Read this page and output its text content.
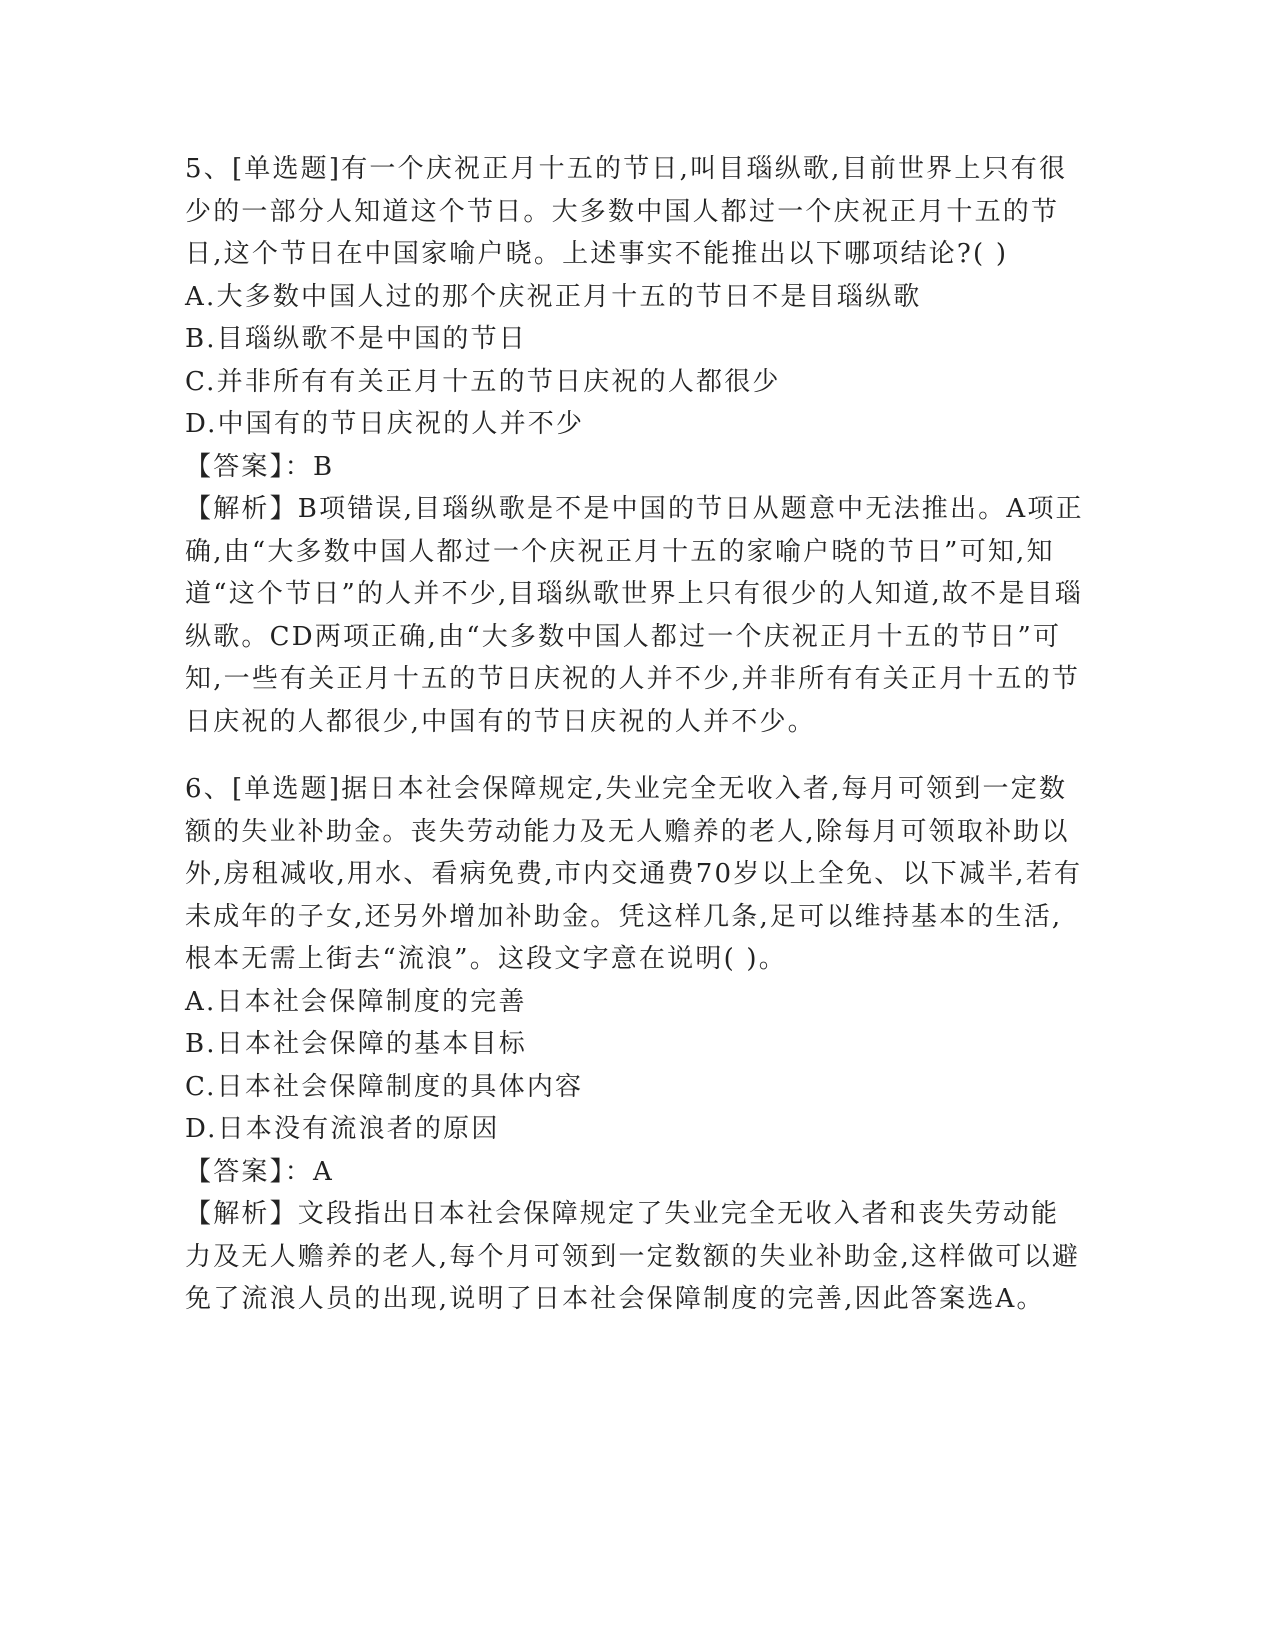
5、[单选题]有一个庆祝正月十五的节日,叫目瑙纵歌,目前世界上只有很少的一部分人知道这个节日。大多数中国人都过一个庆祝正月十五的节日,这个节日在中国家喻户晓。上述事实不能推出以下哪项结论?( )

A.大多数中国人过的那个庆祝正月十五的节日不是目瑙纵歌

B.目瑙纵歌不是中国的节日

C.并非所有有关正月十五的节日庆祝的人都很少

D.中国有的节日庆祝的人并不少

【答案】：B

【解析】B项错误,目瑙纵歌是不是中国的节日从题意中无法推出。A项正确,由“大多数中国人都过一个庆祝正月十五的家喻户晓的节日”可知,知道“这个节日”的人并不少,目瑙纵歌世界上只有很少的人知道,故不是目瑙纵歌。CD两项正确,由“大多数中国人都过一个庆祝正月十五的节日”可知,一些有关正月十五的节日庆祝的人并不少,并非所有有关正月十五的节日庆祝的人都很少,中国有的节日庆祝的人并不少。

6、[单选题]据日本社会保障规定,失业完全无收入者,每月可领到一定数额的失业补助金。丧失劳动能力及无人赡养的老人,除每月可领取补助以外,房租减收,用水、看病免费,市内交通费70岁以上全免、以下减半,若有未成年的子女,还另外增加补助金。凭这样几条,足可以维持基本的生活,根本无需上街去“流浪”。这段文字意在说明( )。

A.日本社会保障制度的完善

B.日本社会保障的基本目标

C.日本社会保障制度的具体内容

D.日本没有流浪者的原因

【答案】：A

【解析】文段指出日本社会保障规定了失业完全无收入者和丧失劳动能力及无人赡养的老人,每个月可领到一定数额的失业补助金,这样做可以避免了流浪人员的出现,说明了日本社会保障制度的完善,因此答案选A。
